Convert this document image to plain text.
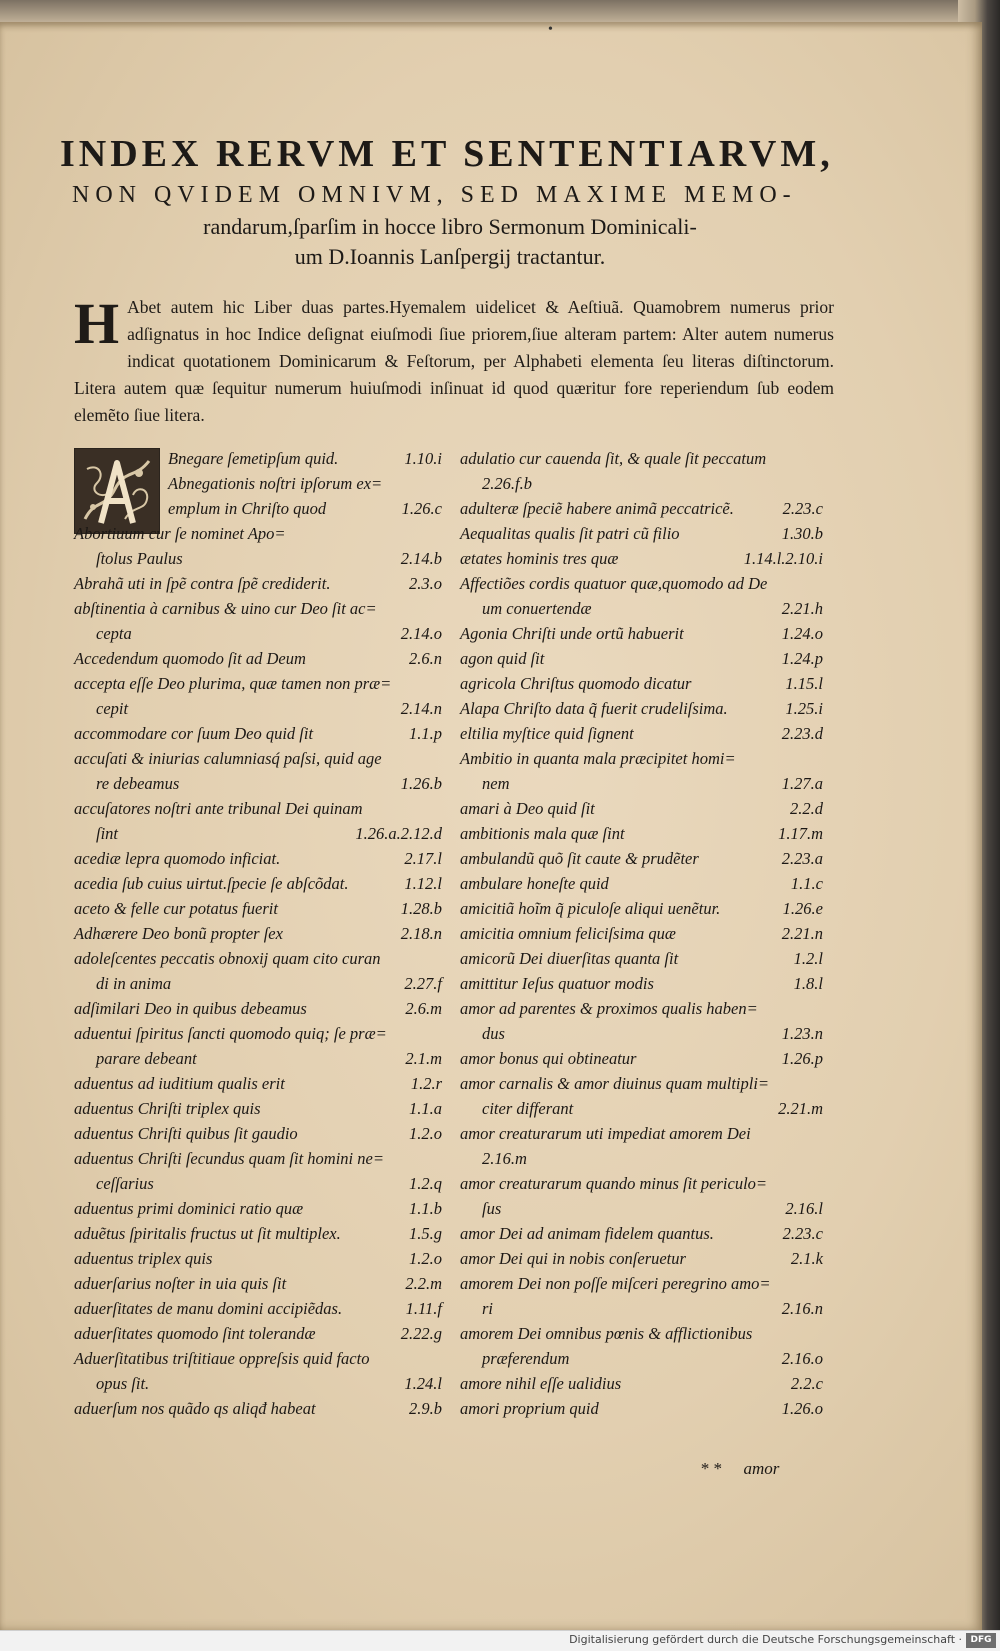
•
INDEX RERVM ET SENTENTIARVM,
NON QVIDEM OMNIVM, SED MAXIME MEMO-
randarum,ſparſim in hocce libro Sermonum Dominicali-
um D.Ioannis Lanſpergij tractantur.
H Abet autem hic Liber duas partes.Hyemalem uidelicet & Aeſtiuã. Quamobrem numerus prior adſignatus in hoc Indice deſignat eiuſmodi ſiue priorem,ſiue alteram partem: Alter autem numerus indicat quotationem Dominicarum & Feſtorum, per Alphabeti elementa ſeu literas diſtinctorum. Litera autem quæ ſequitur numerum huiuſmodi inſinuat id quod quæritur fore reperiendum ſub eodem elemẽto ſiue litera.

Bnegare ſemetipſum quid.	1.10.i
Abnegationis noſtri ipſorum ex=
emplum in Chriſto quod	1.26.c
Abortiuum cur ſe nominet Apo=
ſtolus Paulus	2.14.b
Abrahã uti in ſpẽ contra ſpẽ crediderit.	2.3.o
abſtinentia à carnibus & uino cur Deo ſit ac=
cepta	2.14.o
Accedendum quomodo ſit ad Deum	2.6.n
accepta eſſe Deo plurima, quæ tamen non præ=
cepit	2.14.n
accommodare cor ſuum Deo quid ſit	1.1.p
accuſati & iniurias calumniasq́ paſsi, quid age
re debeamus	1.26.b
accuſatores noſtri ante tribunal Dei quinam
ſint	1.26.a.2.12.d
acediæ lepra quomodo inficiat.	2.17.l
acedia ſub cuius uirtut.ſpecie ſe abſcõdat.	1.12.l
aceto & felle cur potatus fuerit	1.28.b
Adhærere Deo bonũ propter ſex	2.18.n
adoleſcentes peccatis obnoxij quam cito curan
di in anima	2.27.f
adſimilari Deo in quibus debeamus	2.6.m
aduentui ſpiritus ſancti quomodo quiq; ſe præ=
parare debeant	2.1.m
aduentus ad iuditium qualis erit	1.2.r
aduentus Chriſti triplex quis	1.1.a
aduentus Chriſti quibus ſit gaudio	1.2.o
aduentus Chriſti ſecundus quam ſit homini ne=
ceſſarius	1.2.q
aduentus primi dominici ratio quæ	1.1.b
aduẽtus ſpiritalis fructus ut ſit multiplex.	1.5.g
aduentus triplex quis	1.2.o
aduerſarius noſter in uia quis ſit	2.2.m
aduerſitates de manu domini accipiẽdas.	1.11.f
aduerſitates quomodo ſint tolerandæ	2.22.g
Aduerſitatibus triſtitiaue oppreſsis quid facto
opus ſit.	1.24.l
aduerſum nos quãdo qs aliqđ habeat	2.9.b
adulatio cur cauenda ſit, & quale ſit peccatum
2.26.f.b
adulteræ ſpeciẽ habere animã peccatricẽ.	2.23.c
Aequalitas qualis ſit patri cũ filio	1.30.b
ætates hominis tres quæ	1.14.l.2.10.i
Affectiões cordis quatuor quæ,quomodo ad De
um conuertendæ	2.21.h
Agonia Chriſti unde ortũ habuerit	1.24.o
agon quid ſit	1.24.p
agricola Chriſtus quomodo dicatur	1.15.l
Alapa Chriſto data q̃ fuerit crudeliſsima.	1.25.i
eltilia myſtice quid ſignent	2.23.d
Ambitio in quanta mala præcipitet homi=
nem	1.27.a
amari à Deo quid ſit	2.2.d
ambitionis mala quæ ſint	1.17.m
ambulandũ quõ ſit caute & prudẽter	2.23.a
ambulare honeſte quid	1.1.c
amicitiã hoĩm q̃ piculoſe aliqui uenẽtur.	1.26.e
amicitia omnium feliciſsima quæ	2.21.n
amicorũ Dei diuerſitas quanta ſit	1.2.l
amittitur Ieſus quatuor modis	1.8.l
amor ad parentes & proximos qualis haben=
dus	1.23.n
amor bonus qui obtineatur	1.26.p
amor carnalis & amor diuinus quam multipli=
citer differant	2.21.m
amor creaturarum uti impediat amorem Dei
2.16.m
amor creaturarum quando minus ſit periculo=
ſus	2.16.l
amor Dei ad animam fidelem quantus.	2.23.c
amor Dei qui in nobis conſeruetur	2.1.k
amorem Dei non poſſe miſceri peregrino amo=
ri	2.16.n
amorem Dei omnibus pœnis & afflictionibus
præferendum	2.16.o
amore nihil eſſe ualidius	2.2.c
amori proprium quid	1.26.o
* * amor
Digitalisierung gefördert durch die Deutsche Forschungsgemeinschaft · DFG
